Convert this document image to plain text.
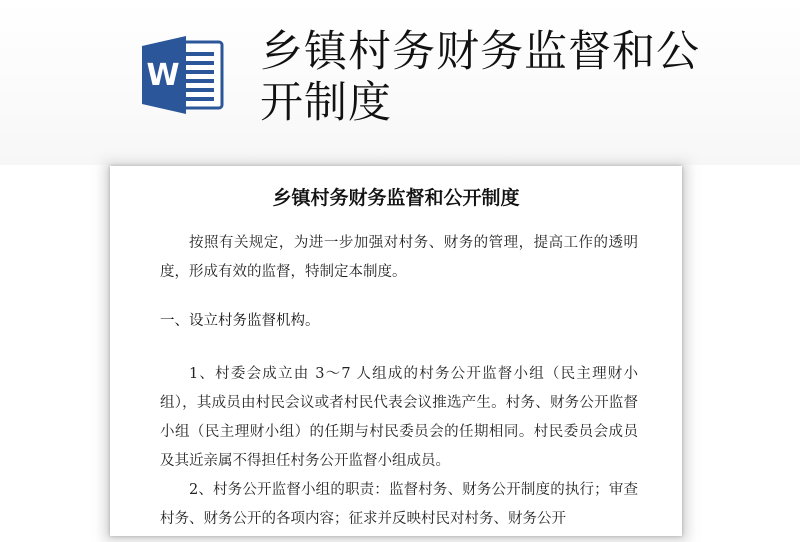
W 乡镇村务财务监督和公开制度
乡镇村务财务监督和公开制度

按照有关规定，为进一步加强对村务、财务的管理，提高工作的透明度，形成有效的监督，特制定本制度。

一、设立村务监督机构。

1、村委会成立由 3～7 人组成的村务公开监督小组（民主理财小组），其成员由村民会议或者村民代表会议推选产生。村务、财务公开监督小组（民主理财小组）的任期与村民委员会的任期相同。村民委员会成员及其近亲属不得担任村务公开监督小组成员。

2、村务公开监督小组的职责：监督村务、财务公开制度的执行；审查村务、财务公开的各项内容；征求并反映村民对村务、财务公开
